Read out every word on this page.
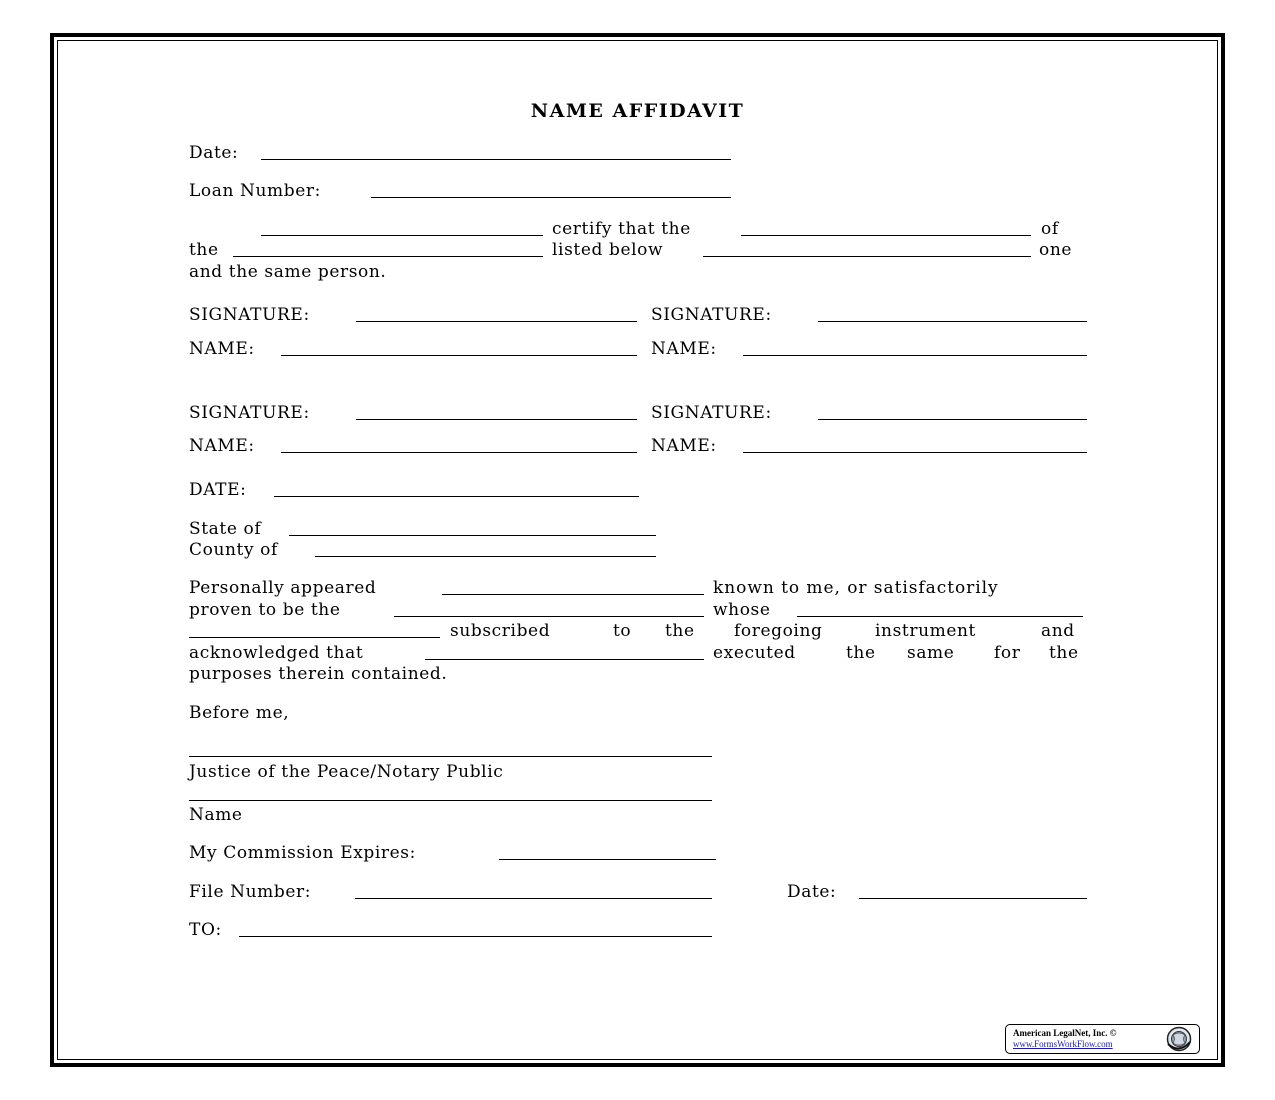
NAME AFFIDAVIT
Date:
Loan Number:
certify that the	of
the	listed below	one
and the same person.
SIGNATURE:	SIGNATURE:
NAME:	NAME:
SIGNATURE:	SIGNATURE:
NAME:	NAME:
DATE:
State of
County of
Personally appeared	known to me, or satisfactorily
proven to be the	whose
subscribed	to the foregoing	instrument	and
acknowledged that	executed	the same for the
purposes therein contained.
Before me,
Justice of the Peace/Notary Public
Name
My Commission Expires:
File Number:	Date:
TO:
American LegalNet, Inc. ©
www.FormsWorkFlow.com
